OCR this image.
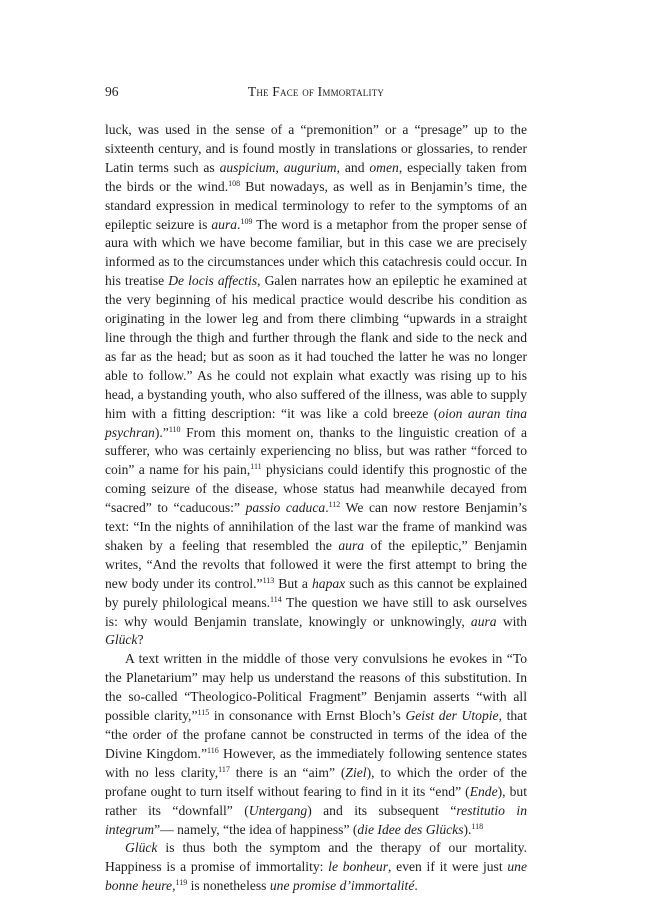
96	The Face of Immortality

luck, was used in the sense of a “premonition” or a “presage” up to the sixteenth century, and is found mostly in translations or glossaries, to render Latin terms such as auspicium, augurium, and omen, especially taken from the birds or the wind.$^{108}$ But nowadays, as well as in Benjamin’s time, the standard expression in medical terminology to refer to the symptoms of an epileptic seizure is aura.$^{109}$ The word is a metaphor from the proper sense of aura with which we have become familiar, but in this case we are precisely informed as to the circumstances under which this catachresis could occur. In his treatise De locis affectis, Galen narrates how an epileptic he examined at the very beginning of his medical practice would describe his condition as originating in the lower leg and from there climbing “upwards in a straight line through the thigh and further through the flank and side to the neck and as far as the head; but as soon as it had touched the latter he was no longer able to follow.” As he could not explain what exactly was rising up to his head, a bystanding youth, who also suffered of the illness, was able to supply him with a fitting description: “it was like a cold breeze (oion auran tina psychran).”$^{110}$ From this moment on, thanks to the linguistic creation of a sufferer, who was certainly experiencing no bliss, but was rather “forced to coin” a name for his pain,$^{111}$ physicians could identify this prognostic of the coming seizure of the disease, whose status had meanwhile decayed from “sacred” to “caducous:” passio caduca.$^{112}$ We can now restore Benjamin’s text: “In the nights of annihilation of the last war the frame of mankind was shaken by a feeling that resembled the aura of the epileptic,” Benjamin writes, “And the revolts that followed it were the first attempt to bring the new body under its control.”$^{113}$ But a hapax such as this cannot be explained by purely philological means.$^{114}$ The question we have still to ask ourselves is: why would Benjamin translate, knowingly or unknowingly, aura with Glück?

A text written in the middle of those very convulsions he evokes in “To the Planetarium” may help us understand the reasons of this substitution. In the so-called “Theologico-Political Fragment” Benjamin asserts “with all possible clarity,”$^{115}$ in consonance with Ernst Bloch’s Geist der Utopie, that “the order of the profane cannot be constructed in terms of the idea of the Divine Kingdom.”$^{116}$ However, as the immediately following sentence states with no less clarity,$^{117}$ there is an “aim” (Ziel), to which the order of the profane ought to turn itself without fearing to find in it its “end” (Ende), but rather its “downfall” (Untergang) and its subsequent “restitutio in integrum”— namely, “the idea of happiness” (die Idee des Glücks).$^{118}$

Glück is thus both the symptom and the therapy of our mortality. Happiness is a promise of immortality: le bonheur, even if it were just une bonne heure,$^{119}$ is nonetheless une promise d’immortalité.
